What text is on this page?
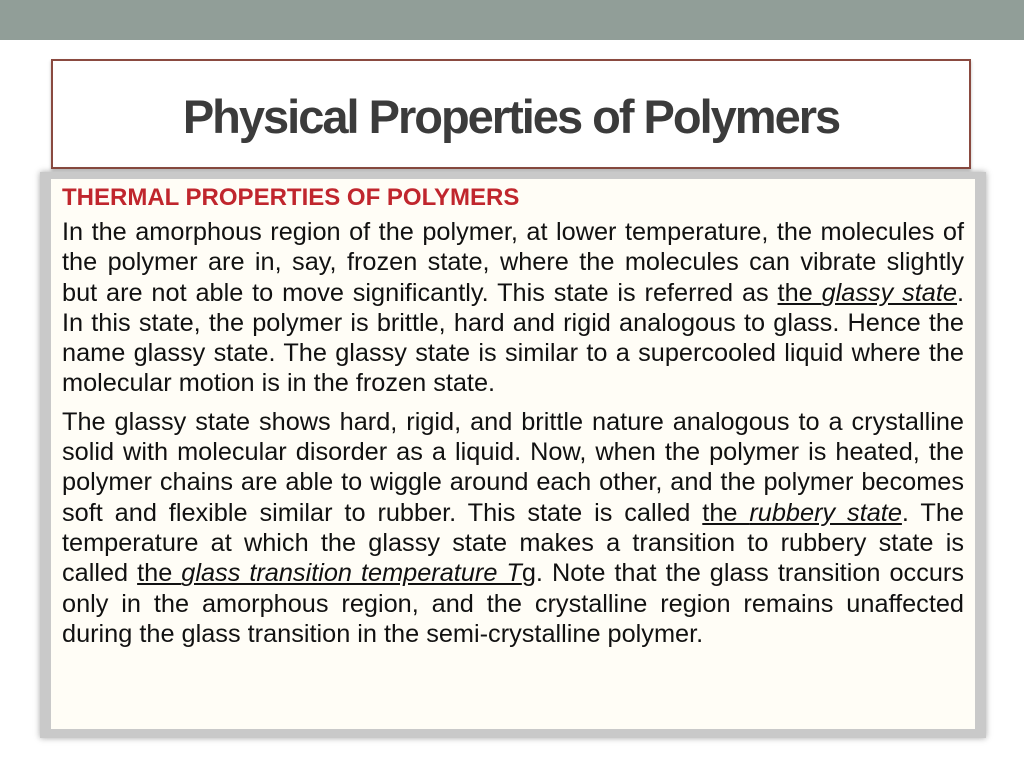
Physical Properties of Polymers
THERMAL PROPERTIES OF POLYMERS

In the amorphous region of the polymer, at lower temperature, the molecules of the polymer are in, say, frozen state, where the molecules can vibrate slightly but are not able to move significantly. This state is referred as the glassy state. In this state, the polymer is brittle, hard and rigid analogous to glass. Hence the name glassy state. The glassy state is similar to a supercooled liquid where the molecular motion is in the frozen state.

The glassy state shows hard, rigid, and brittle nature analogous to a crystalline solid with molecular disorder as a liquid. Now, when the polymer is heated, the polymer chains are able to wiggle around each other, and the polymer becomes soft and flexible similar to rubber. This state is called the rubbery state. The temperature at which the glassy state makes a transition to rubbery state is called the glass transition temperature Tg. Note that the glass transition occurs only in the amorphous region, and the crystalline region remains unaffected during the glass transition in the semi-crystalline polymer.
